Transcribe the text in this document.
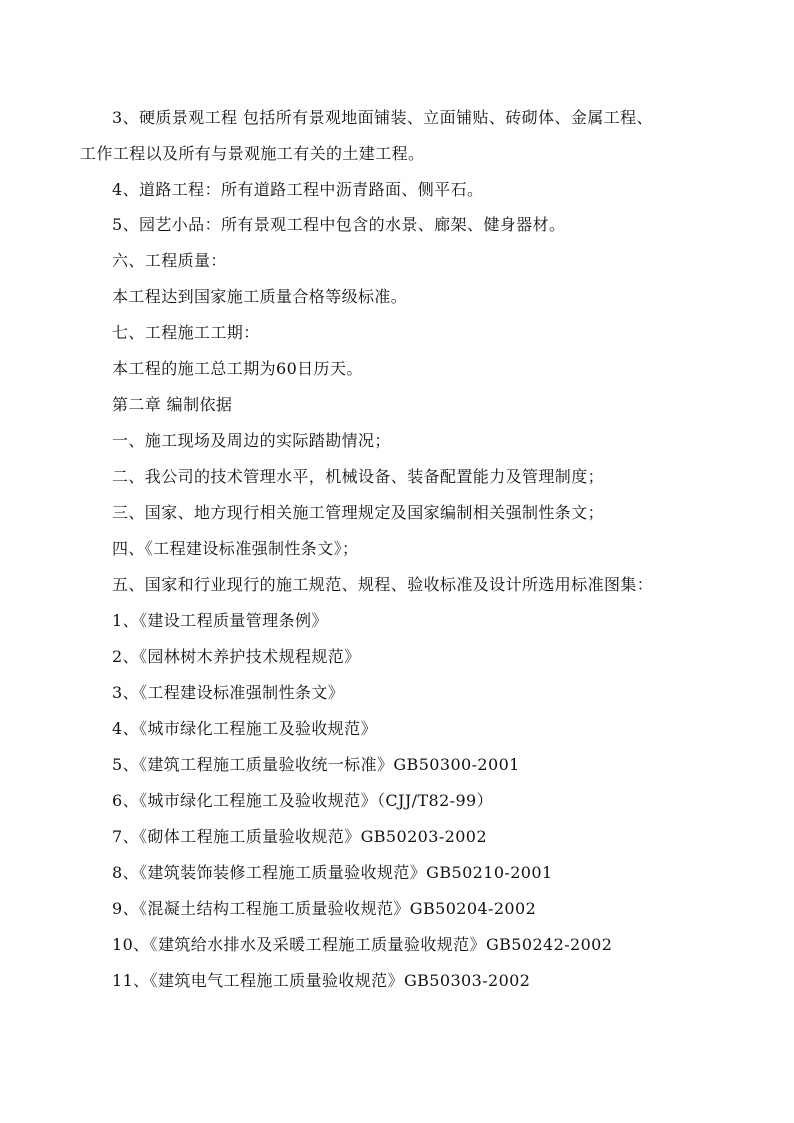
3、硬质景观工程 包括所有景观地面铺装、立面铺贴、砖砌体、金属工程、
工作工程以及所有与景观施工有关的土建工程。
4、道路工程：所有道路工程中沥青路面、侧平石。
5、园艺小品：所有景观工程中包含的水景、廊架、健身器材。
六、工程质量：
本工程达到国家施工质量合格等级标准。
七、工程施工工期：
本工程的施工总工期为60日历天。
第二章 编制依据
一、施工现场及周边的实际踏勘情况；
二、我公司的技术管理水平，机械设备、装备配置能力及管理制度；
三、国家、地方现行相关施工管理规定及国家编制相关强制性条文；
四、《工程建设标准强制性条文》；
五、国家和行业现行的施工规范、规程、验收标准及设计所选用标准图集：
1、《建设工程质量管理条例》
2、《园林树木养护技术规程规范》
3、《工程建设标准强制性条文》
4、《城市绿化工程施工及验收规范》
5、《建筑工程施工质量验收统一标准》GB50300-2001
6、《城市绿化工程施工及验收规范》（CJJ/T82-99）
7、《砌体工程施工质量验收规范》GB50203-2002
8、《建筑装饰装修工程施工质量验收规范》GB50210-2001
9、《混凝土结构工程施工质量验收规范》GB50204-2002
10、《建筑给水排水及采暖工程施工质量验收规范》GB50242-2002
11、《建筑电气工程施工质量验收规范》GB50303-2002
